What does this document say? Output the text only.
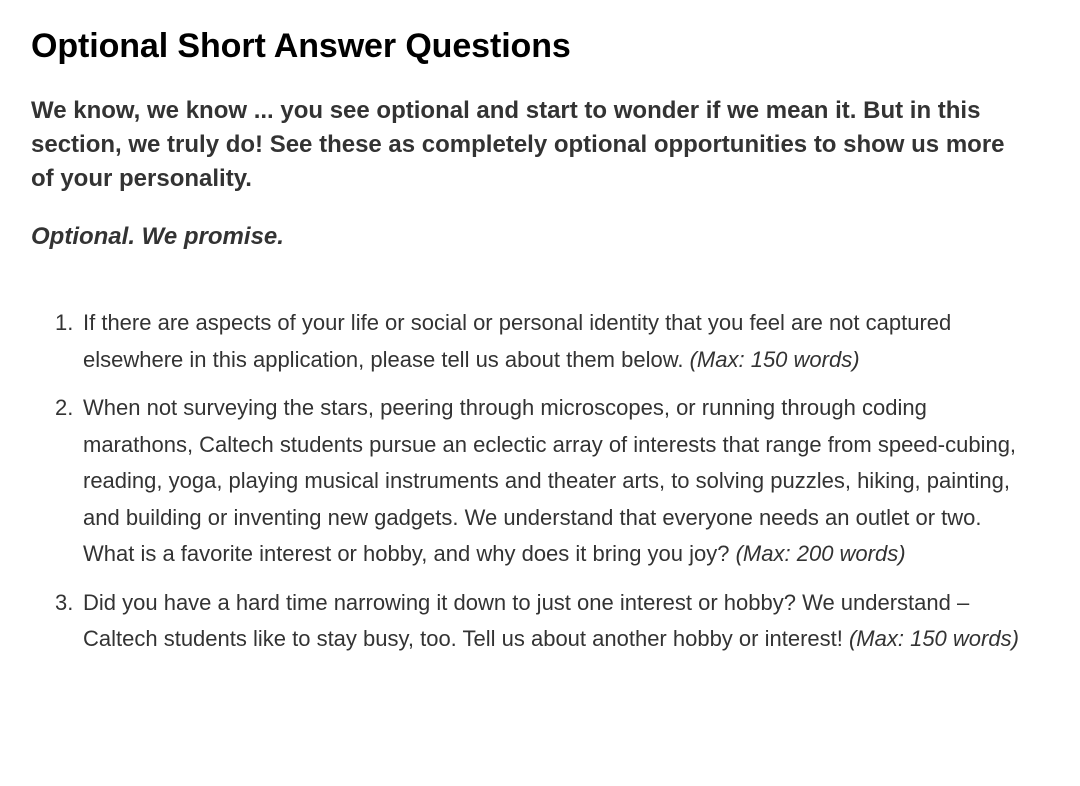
Optional Short Answer Questions

We know, we know ... you see optional and start to wonder if we mean it. But in this section, we truly do! See these as completely optional opportunities to show us more of your personality.

Optional. We promise.

1. If there are aspects of your life or social or personal identity that you feel are not captured elsewhere in this application, please tell us about them below. (Max: 150 words)
2. When not surveying the stars, peering through microscopes, or running through coding marathons, Caltech students pursue an eclectic array of interests that range from speed-cubing, reading, yoga, playing musical instruments and theater arts, to solving puzzles, hiking, painting, and building or inventing new gadgets. We understand that everyone needs an outlet or two. What is a favorite interest or hobby, and why does it bring you joy? (Max: 200 words)
3. Did you have a hard time narrowing it down to just one interest or hobby? We understand – Caltech students like to stay busy, too. Tell us about another hobby or interest! (Max: 150 words)
